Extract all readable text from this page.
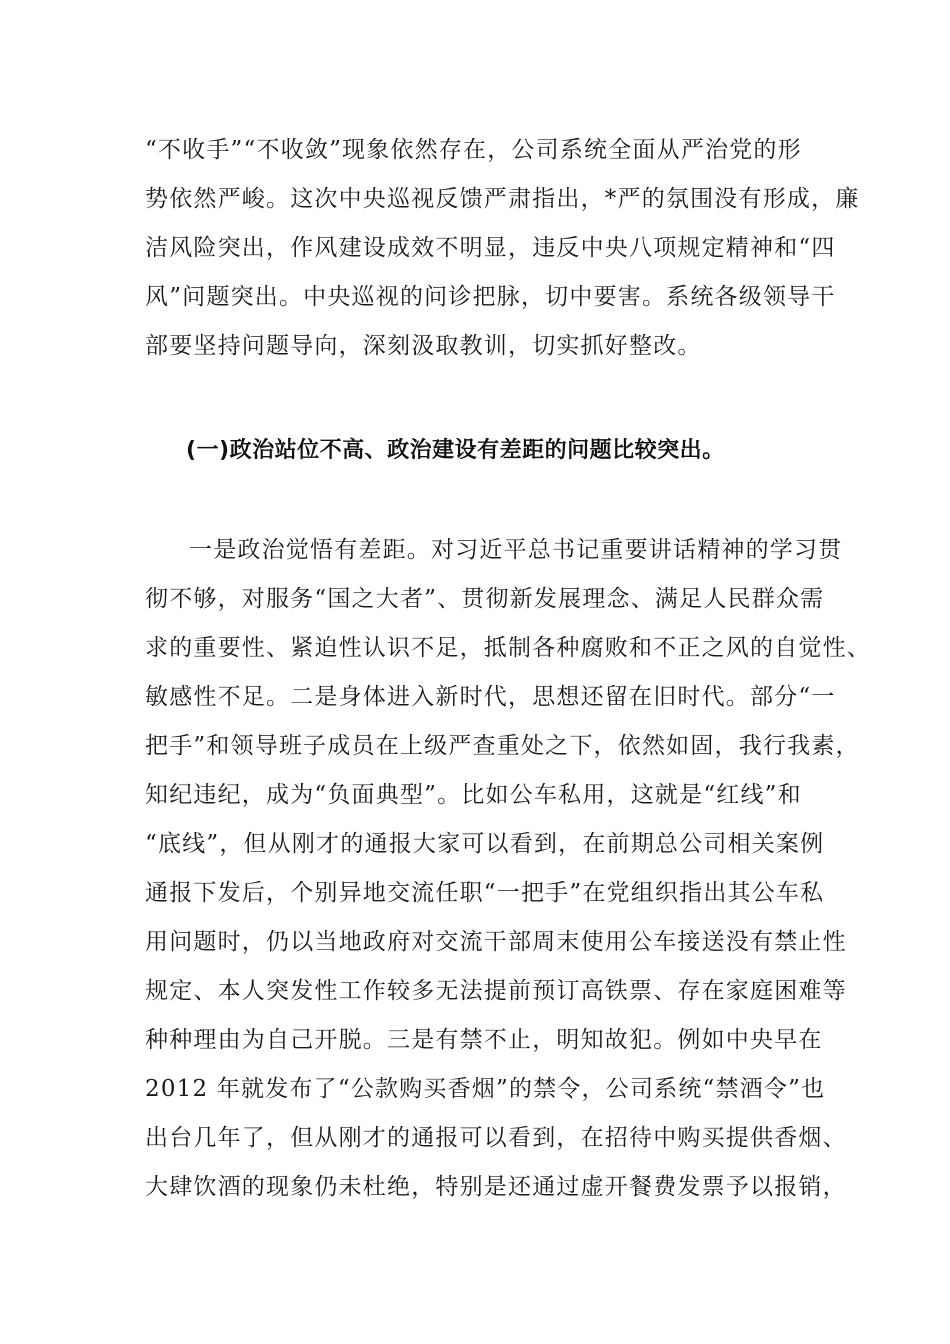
“不收手”“不收敛”现象依然存在，公司系统全面从严治党的形
势依然严峻。这次中央巡视反馈严肃指出，*严的氛围没有形成，廉
洁风险突出，作风建设成效不明显，违反中央八项规定精神和“四
风”问题突出。中央巡视的问诊把脉，切中要害。系统各级领导干
部要坚持问题导向，深刻汲取教训，切实抓好整改。
(一)政治站位不高、政治建设有差距的问题比较突出。
一是政治觉悟有差距。对习近平总书记重要讲话精神的学习贯
彻不够，对服务“国之大者”、贯彻新发展理念、满足人民群众需
求的重要性、紧迫性认识不足，抵制各种腐败和不正之风的自觉性、
敏感性不足。二是身体进入新时代，思想还留在旧时代。部分“一
把手”和领导班子成员在上级严查重处之下，依然如固，我行我素，
知纪违纪，成为“负面典型”。比如公车私用，这就是“红线”和
“底线”，但从刚才的通报大家可以看到，在前期总公司相关案例
通报下发后，个别异地交流任职“一把手”在党组织指出其公车私
用问题时，仍以当地政府对交流干部周末使用公车接送没有禁止性
规定、本人突发性工作较多无法提前预订高铁票、存在家庭困难等
种种理由为自己开脱。三是有禁不止，明知故犯。例如中央早在
2012 年就发布了“公款购买香烟”的禁令，公司系统“禁酒令”也
出台几年了，但从刚才的通报可以看到，在招待中购买提供香烟、
大肆饮酒的现象仍未杜绝，特别是还通过虚开餐费发票予以报销，
